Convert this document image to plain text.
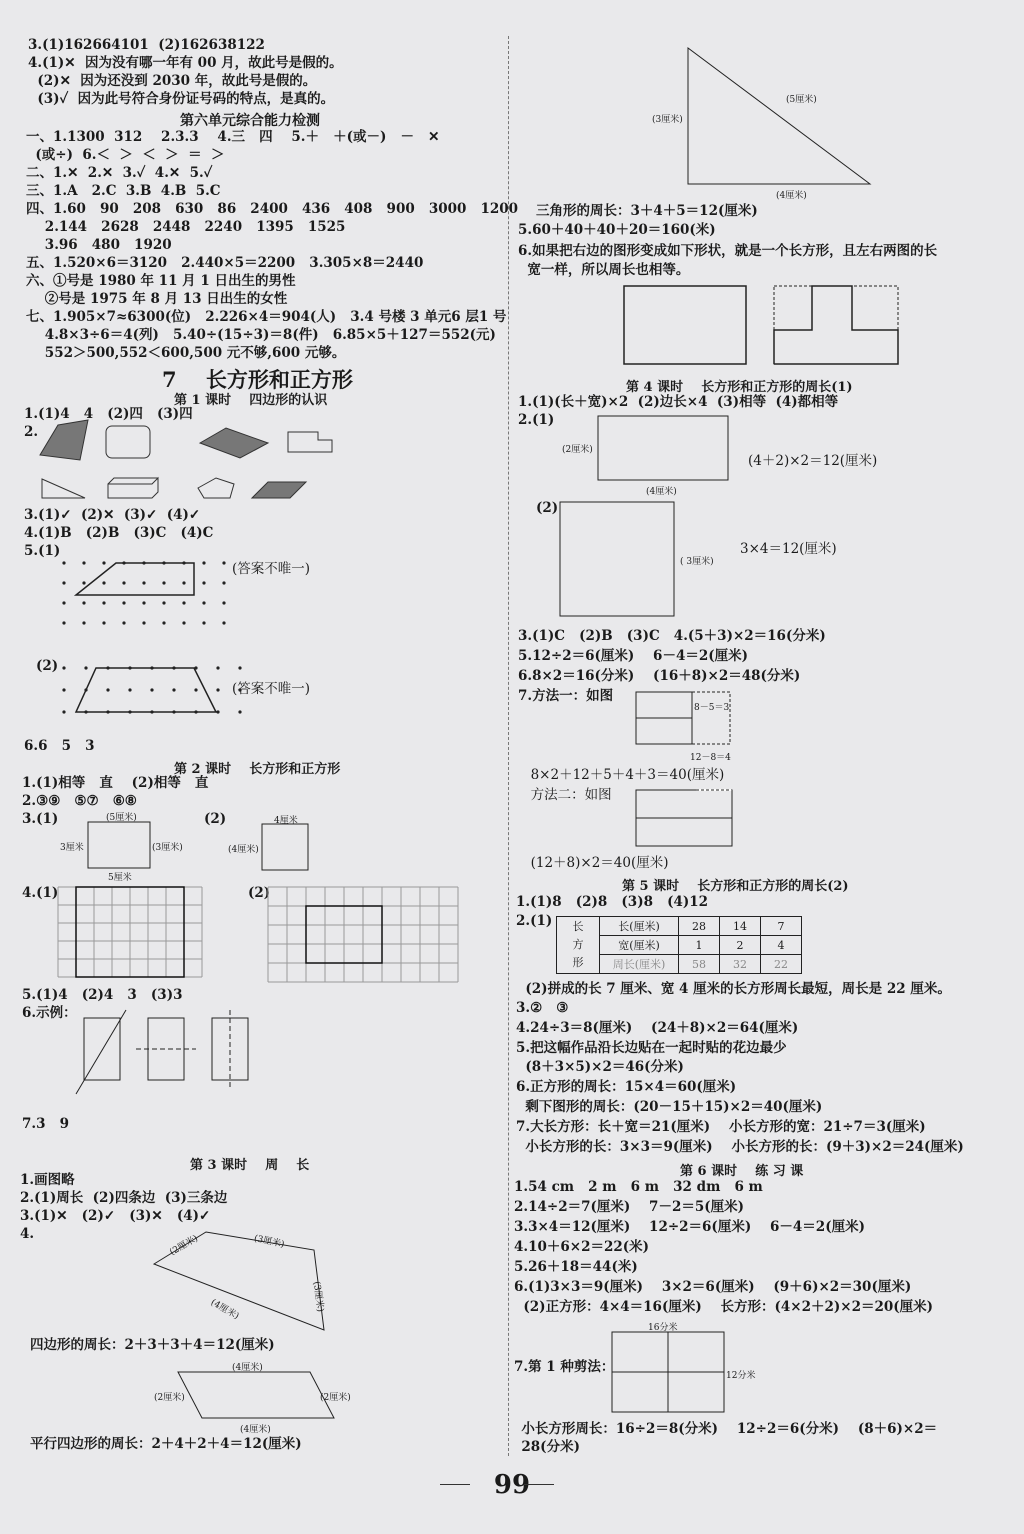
3.(1)162664101  (2)162638122
4.(1)✕  因为没有哪一年有 00 月，故此号是假的。
(2)✕  因为还没到 2030 年，故此号是假的。
(3)✓  因为此号符合身份证号码的特点，是真的。
第六单元综合能力检测
一、1.1300  312    2.3.3    4.三   四    5.＋   ＋(或－)   －   ✕
(或÷)  6.＜  ＞  ＜  ＞  ＝  ＞
二、1.✕  2.✕  3.✓  4.✕  5.✓
三、1.A   2.C  3.B  4.B  5.C
四、1.60   90   208   630   86   2400   436   408   900   3000   1200
2.144   2628   2448   2240   1395   1525
3.96   480   1920
五、1.520×6＝3120   2.440×5＝2200   3.305×8＝2440
六、①号是 1980 年 11 月 1 日出生的男性
②号是 1975 年 8 月 13 日出生的女性
七、1.905×7≈6300(位)   2.226×4＝904(人)   3.4 号楼 3 单元6 层1 号
4.8×3÷6＝4(列)   5.40÷(15÷3)＝8(件)   6.85×5＋127＝552(元)
552＞500,552＜600,500 元不够,600 元够。
7    长方形和正方形
第 1 课时    四边形的认识
1.(1)4   4   (2)四   (3)四
2.
3.(1)✓  (2)✕  (3)✓  (4)✓
4.(1)B   (2)B   (3)C   (4)C
5.(1)
(答案不唯一)
(2)
(答案不唯一)
6.6   5   3
第 2 课时    长方形和正方形
1.(1)相等   直    (2)相等   直
2.③⑨   ⑤⑦   ⑥⑧
3.(1)	(2)
(5厘米)
3厘米	(3厘米)
5厘米
4厘米
(4厘米)
4.(1)	(2)
5.(1)4   (2)4   3   (3)3
6.示例：
7.3   9
第 3 课时    周    长
1.画图略
2.(1)周长  (2)四条边  (3)三条边
3.(1)✕   (2)✓   (3)✕   (4)✓
4.	(2厘米)	(3厘米)
(4厘米)	(3厘米)
四边形的周长：2＋3＋3＋4＝12(厘米)
(4厘米)
(2厘米)	(2厘米)
(4厘米)
平行四边形的周长：2＋4＋2＋4＝12(厘米)
(3厘米)
(5厘米)
(4厘米)
三角形的周长：3＋4＋5＝12(厘米)
5.60＋40＋40＋20＝160(米)
6.如果把右边的图形变成如下形状，就是一个长方形，且左右两图的长
宽一样，所以周长也相等。
第 4 课时    长方形和正方形的周长(1)
1.(1)(长＋宽)×2  (2)边长×4  (3)相等  (4)都相等
2.(1)
(2厘米)
(4厘米)
(4＋2)×2＝12(厘米)
(2)
( 3厘米)
3×4＝12(厘米)
3.(1)C   (2)B   (3)C   4.(5＋3)×2＝16(分米)
5.12÷2＝6(厘米)    6－4＝2(厘米)
6.8×2＝16(分米)    (16＋8)×2＝48(分米)
7.方法一：如图
8－5＝3
12－8＝4
8×2＋12＋5＋4＋3＝40(厘米)
方法二：如图
(12＋8)×2＝40(厘米)
第 5 课时    长方形和正方形的周长(2)
1.(1)8   (2)8   (3)8   (4)12
2.(1) 长
方
形	长(厘米)	28	14	7
	宽(厘米)	1	2	4
	周长(厘米)	58	32	22
(2)拼成的长 7 厘米、宽 4 厘米的长方形周长最短，周长是 22 厘米。
3.②   ③
4.24÷3＝8(厘米)    (24＋8)×2＝64(厘米)
5.把这幅作品沿长边贴在一起时贴的花边最少
(8＋3×5)×2＝46(分米)
6.正方形的周长：15×4＝60(厘米)
剩下图形的周长：(20－15＋15)×2＝40(厘米)
7.大长方形：长＋宽＝21(厘米)    小长方形的宽：21÷7＝3(厘米)
小长方形的长：3×3＝9(厘米)    小长方形的长：(9＋3)×2＝24(厘米)
第 6 课时    练 习 课
1.54 cm   2 m   6 m   32 dm   6 m
2.14÷2＝7(厘米)    7－2＝5(厘米)
3.3×4＝12(厘米)    12÷2＝6(厘米)    6－4＝2(厘米)
4.10＋6×2＝22(米)
5.26＋18＝44(米)
6.(1)3×3＝9(厘米)    3×2＝6(厘米)    (9＋6)×2＝30(厘米)
(2)正方形：4×4＝16(厘米)    长方形：(4×2＋2)×2＝20(厘米)
16分米
12分米
7.第 1 种剪法：
小长方形周长：16÷2＝8(分米)    12÷2＝6(分米)    (8＋6)×2＝
28(分米)
99
